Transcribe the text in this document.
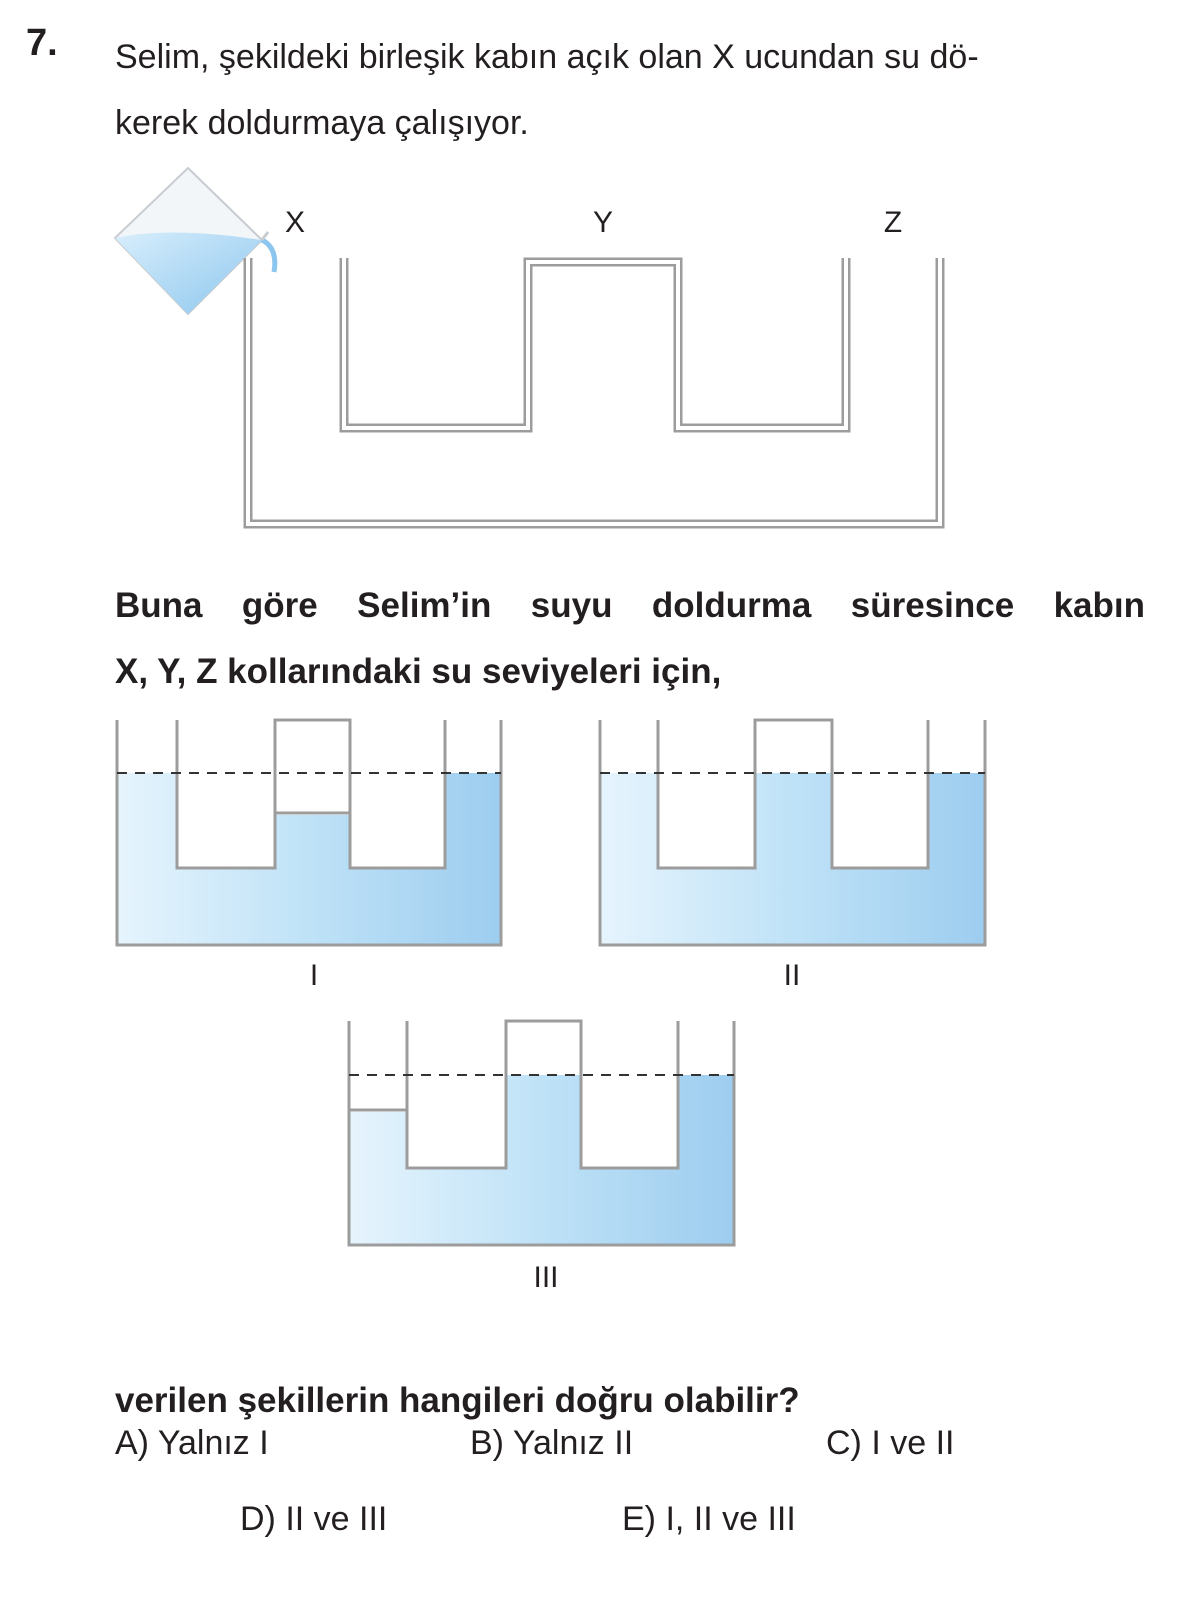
7. Selim, şekildeki birleşik kabın açık olan X ucundan su dö-
kerek doldurmaya çalışıyor.
X	Y	Z
I	II
III
Buna göre Selim’in suyu doldurma süresince kabın
X, Y, Z kollarındaki su seviyeleri için,
verilen şekillerin hangileri doğru olabilir?
A) Yalnız I	B) Yalnız II	C) I ve II
D) II ve III	E) I, II ve III
